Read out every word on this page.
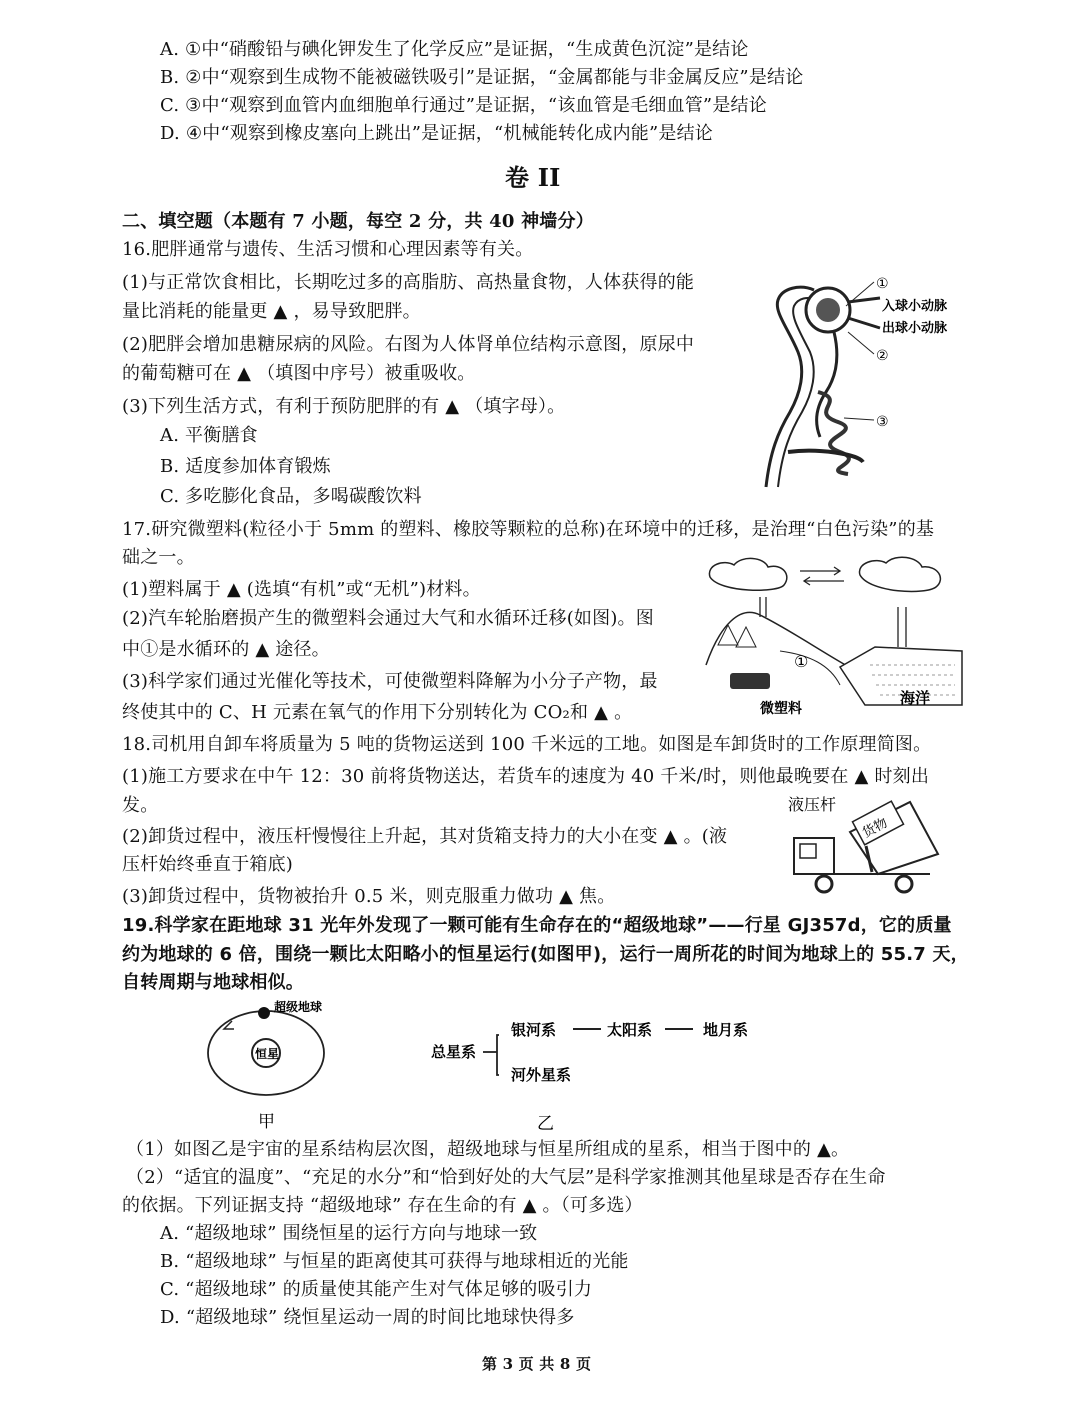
A. ①中“硝酸铅与碘化钾发生了化学反应”是证据，“生成黄色沉淀”是结论
B. ②中“观察到生成物不能被磁铁吸引”是证据，“金属都能与非金属反应”是结论
C. ③中“观察到血管内血细胞单行通过”是证据，“该血管是毛细血管”是结论
D. ④中“观察到橡皮塞向上跳出”是证据，“机械能转化成内能”是结论
卷 II
二、填空题（本题有 7 小题，每空 2 分，共 40 神墙分）
16.肥胖通常与遗传、生活习惯和心理因素等有关。
(1)与正常饮食相比，长期吃过多的高脂肪、高热量食物，人体获得的能
量比消耗的能量更 ▲ ，易导致肥胖。
(2)肥胖会增加患糖尿病的风险。右图为人体肾单位结构示意图，原尿中
的葡萄糖可在 ▲ （填图中序号）被重吸收。
(3)下列生活方式，有利于预防肥胖的有 ▲ （填字母）。
A. 平衡膳食
B. 适度参加体育锻炼
C. 多吃膨化食品，多喝碳酸饮料
①
入球小动脉
出球小动脉
②
③
17.研究微塑料(粒径小于 5mm 的塑料、橡胶等颗粒的总称)在环境中的迁移，是治理“白色污染”的基
础之一。
(1)塑料属于 ▲ (选填“有机”或“无机”)材料。
(2)汽车轮胎磨损产生的微塑料会通过大气和水循环迁移(如图)。图
中①是水循环的 ▲ 途径。
(3)科学家们通过光催化等技术，可使微塑料降解为小分子产物，最
终使其中的 C、H 元素在氧气的作用下分别转化为 CO₂和 ▲ 。
①
微塑料
海洋
18.司机用自卸车将质量为 5 吨的货物运送到 100 千米远的工地。如图是车卸货时的工作原理简图。
(1)施工方要求在中午 12：30 前将货物送达，若货车的速度为 40 千米/时，则他最晚要在 ▲ 时刻出
发。
(2)卸货过程中，液压杆慢慢往上升起，其对货箱支持力的大小在变 ▲ 。(液
压杆始终垂直于箱底)
(3)卸货过程中，货物被抬升 0.5 米，则克服重力做功 ▲ 焦。
液压杆
货物
19.科学家在距地球 31 光年外发现了一颗可能有生命存在的“超级地球”——行星 GJ357d，它的质量
约为地球的 6 倍，围绕一颗比太阳略小的恒星运行(如图甲)，运行一周所花的时间为地球上的 55.7 天，
自转周期与地球相似。
超级地球
恒星
甲
总星系
银河系	太阳系	地月系
河外星系
乙
（1）如图乙是宇宙的星系结构层次图，超级地球与恒星所组成的星系，相当于图中的 ▲。
（2）“适宜的温度”、“充足的水分”和“恰到好处的大气层”是科学家推测其他星球是否存在生命
的依据。下列证据支持 “超级地球” 存在生命的有 ▲ 。（可多选）
A. “超级地球” 围绕恒星的运行方向与地球一致
B. “超级地球” 与恒星的距离使其可获得与地球相近的光能
C. “超级地球” 的质量使其能产生对气体足够的吸引力
D. “超级地球” 绕恒星运动一周的时间比地球快得多
第 3 页 共 8 页
